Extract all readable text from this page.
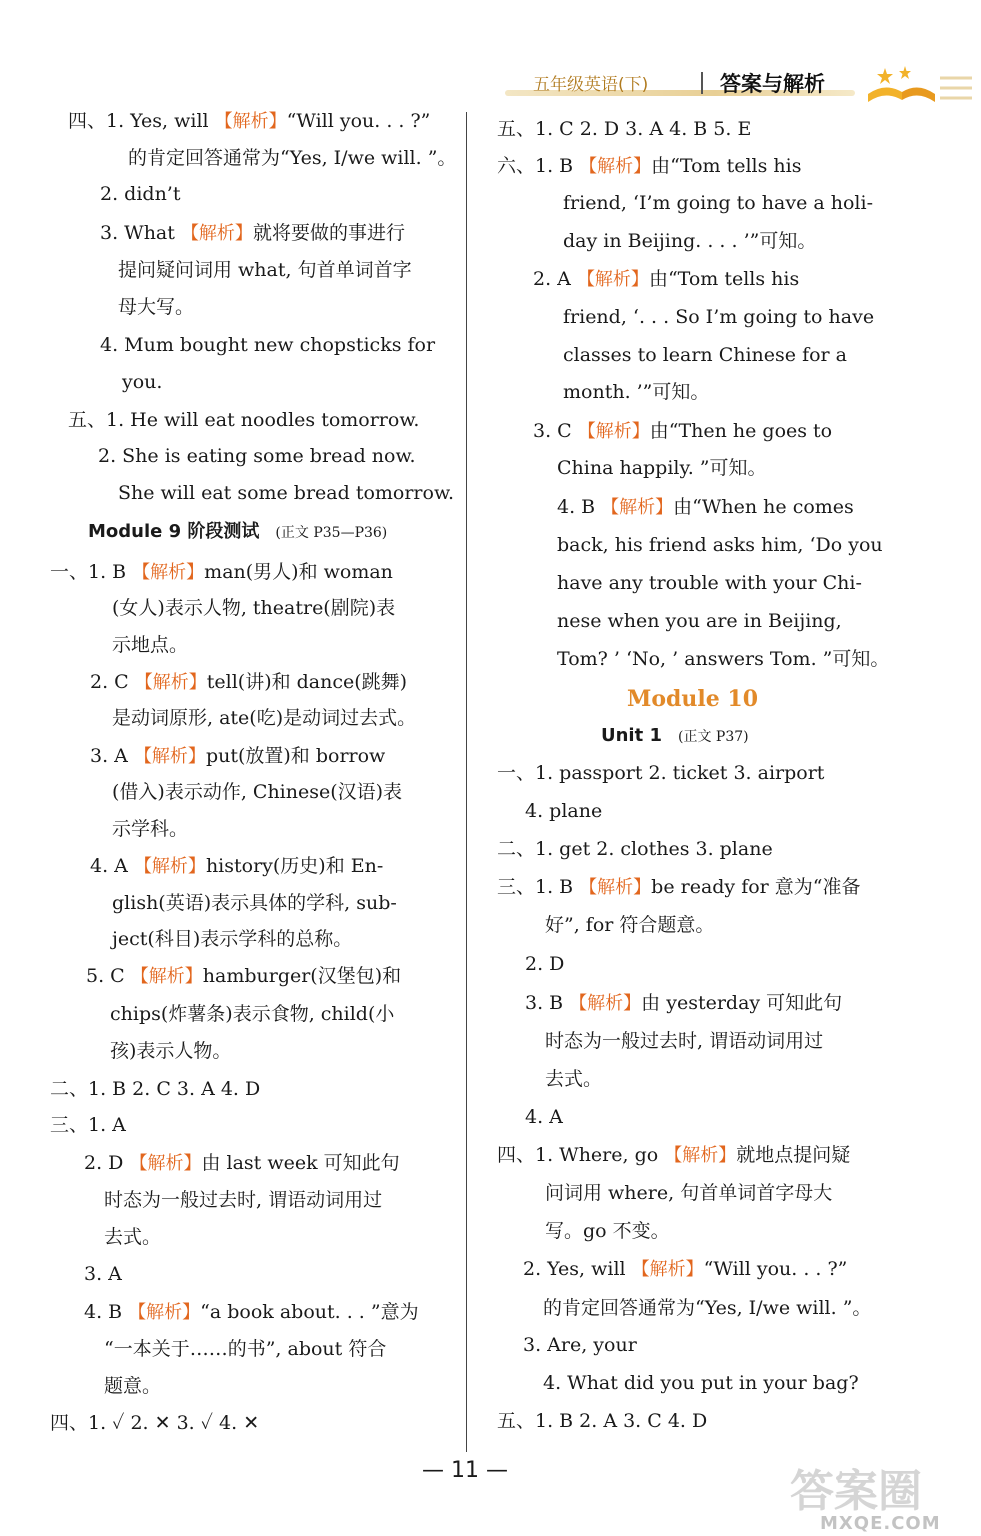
五年级英语(下)	答案与解析
四、1. Yes, will 【解析】“Will you. . . ?”
的肯定回答通常为“Yes, I/we will. ”。
2. didn’t
3. What 【解析】就将要做的事进行
提问疑问词用 what, 句首单词首字
母大写。
4. Mum bought new chopsticks for
you.
五、1. He will eat noodles tomorrow.
2. She is eating some bread now.
She will eat some bread tomorrow.
Module 9 阶段测试 (正文 P35—P36)
一、1. B 【解析】man(男人)和 woman
(女人)表示人物, theatre(剧院)表
示地点。
2. C 【解析】tell(讲)和 dance(跳舞)
是动词原形, ate(吃)是动词过去式。
3. A 【解析】put(放置)和 borrow
(借入)表示动作, Chinese(汉语)表
示学科。
4. A 【解析】history(历史)和 En-
glish(英语)表示具体的学科, sub-
ject(科目)表示学科的总称。
5. C 【解析】hamburger(汉堡包)和
chips(炸薯条)表示食物, child(小
孩)表示人物。
二、1. B 2. C 3. A 4. D
三、1. A
2. D 【解析】由 last week 可知此句
时态为一般过去时, 谓语动词用过
去式。
3. A
4. B 【解析】“a book about. . . ”意为
“一本关于……的书”, about 符合
题意。
四、1. ✓ 2. ✕ 3. ✓ 4. ✕
五、1. C 2. D 3. A 4. B 5. E
六、1. B 【解析】由“Tom tells his
friend, ‘I’m going to have a holi-
day in Beijing. . . . ’”可知。
2. A 【解析】由“Tom tells his
friend, ‘. . . So I’m going to have
classes to learn Chinese for a
month. ’”可知。
3. C 【解析】由“Then he goes to
China happily. ”可知。
4. B 【解析】由“When he comes
back, his friend asks him, ‘Do you
have any trouble with your Chi-
nese when you are in Beijing,
Tom? ’ ‘No, ’ answers Tom. ”可知。
Module 10
Unit 1 (正文 P37)
一、1. passport 2. ticket 3. airport
4. plane
二、1. get 2. clothes 3. plane
三、1. B 【解析】be ready for 意为“准备
好”, for 符合题意。
2. D
3. B 【解析】由 yesterday 可知此句
时态为一般过去时, 谓语动词用过
去式。
4. A
四、1. Where, go 【解析】就地点提问疑
问词用 where, 句首单词首字母大
写。go 不变。
2. Yes, will 【解析】“Will you. . . ?”
的肯定回答通常为“Yes, I/we will. ”。
3. Are, your
4. What did you put in your bag?
五、1. B 2. A 3. C 4. D
— 11 —	答案圈
MXQE.COM
